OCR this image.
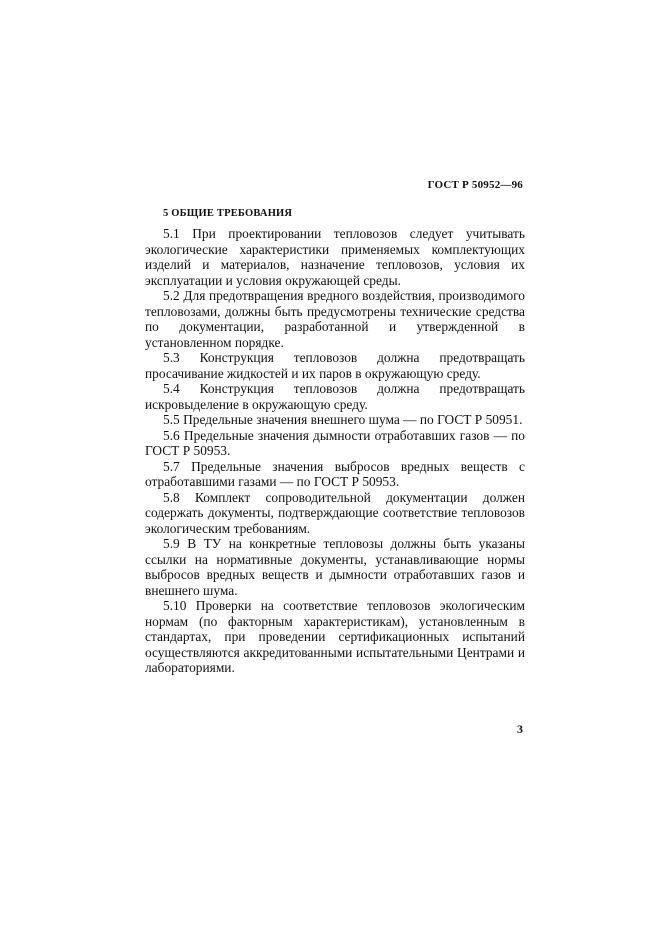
ГОСТ Р 50952—96
5 ОБЩИЕ ТРЕБОВАНИЯ

5.1 При проектировании тепловозов следует учитывать экологические характеристики применяемых комплектующих изделий и материалов, назначение тепловозов, условия их эксплуатации и условия окружающей среды.

5.2 Для предотвращения вредного воздействия, производимого тепловозами, должны быть предусмотрены технические средства по документации, разработанной и утвержденной в установленном порядке.

5.3 Конструкция тепловозов должна предотвращать просачивание жидкостей и их паров в окружающую среду.

5.4 Конструкция тепловозов должна предотвращать искровыделение в окружающую среду.

5.5 Предельные значения внешнего шума — по ГОСТ Р 50951.

5.6 Предельные значения дымности отработавших газов — по ГОСТ Р 50953.

5.7 Предельные значения выбросов вредных веществ с отработавшими газами — по ГОСТ Р 50953.

5.8 Комплект сопроводительной документации должен содержать документы, подтверждающие соответствие тепловозов экологическим требованиям.

5.9 В ТУ на конкретные тепловозы должны быть указаны ссылки на нормативные документы, устанавливающие нормы выбросов вредных веществ и дымности отработавших газов и внешнего шума.

5.10 Проверки на соответствие тепловозов экологическим нормам (по факторным характеристикам), установленным в стандартах, при проведении сертификационных испытаний осуществляются аккредитованными испытательными Центрами и лабораториями.

3
